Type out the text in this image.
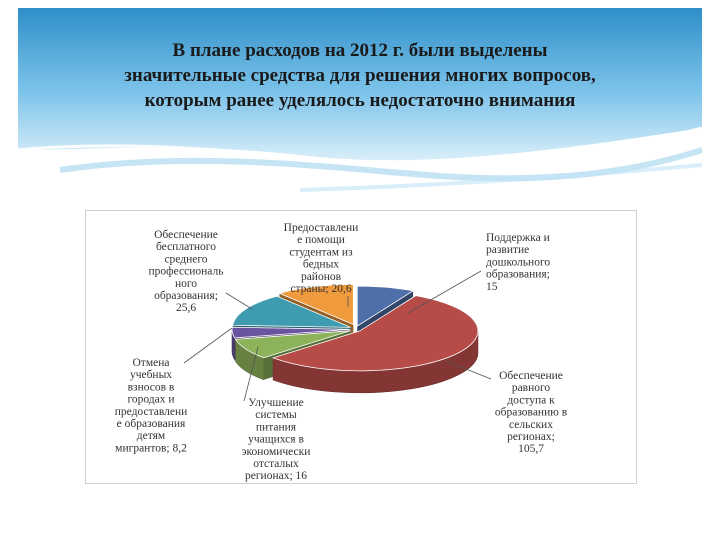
В плане расходов на 2012 г. были выделены
значительные средства для решения многих вопросов,
которым ранее уделялось недостаточно внимания
Поддержка и развитие дошкольного образования; 15
Обеспечение равного доступа к образованию в сельских регионах; 105,7
Улучшение системы питания учащихся в экономически отсталых регионах; 16
Отмена учебных взносов в городах и предоставлени е образования детям мигрантов; 8,2
Обеспечение бесплатного среднего профессиональ ного образования; 25,6
Предоставлени е помощи студентам из бедных районов страны; 20,6
